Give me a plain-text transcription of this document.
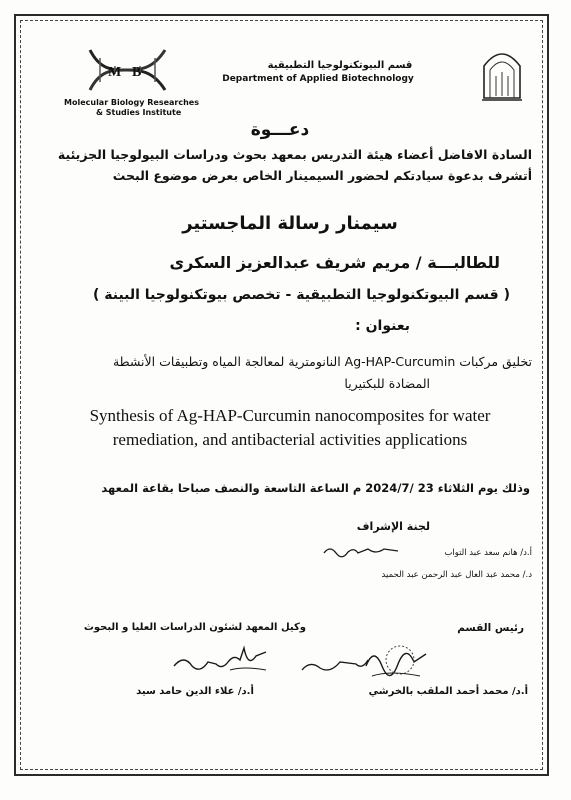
M B
Molecular Biology Researches
& Studies Institute
قسم البيوتكنولوجيا التطبيقية
Department of Applied Biotechnology
دعـــوة
السادة الافاضل أعضاء هيئة التدريس بمعهد بحوث ودراسات البيولوجيا الجزيئية
أتشرف بدعوة سيادتكم لحضور السيمينار الخاص بعرض موضوع البحث
سيمنار رسالة الماجستير
للطالبـــة / مريم شريف عبدالعزيز السكرى
( قسم البيوتكنولوجيا التطبيقية - تخصص بيوتكنولوجيا البينة )
بعنوان :
تخليق مركبات Ag-HAP-Curcumin النانومترية لمعالجة المياه وتطبيقات الأنشطة
المضادة للبكتيريا
Synthesis of Ag-HAP-Curcumin nanocomposites for water
remediation, and antibacterial activities applications
وذلك يوم الثلاثاء 23 /2024/7 م الساعة التاسعة والنصف صباحا بقاعة المعهد
لجنة الإشراف
أ.د/ هانم سعد عبد التواب
د./ محمد عبد العال عبد الرحمن عبد الحميد
وكيل المعهد لشئون الدراسات العليا و البحوث	رئيس القسم
أ.د/ علاء الدين حامد سيد	أ.د/ محمد أحمد الملقب بالخرشي
